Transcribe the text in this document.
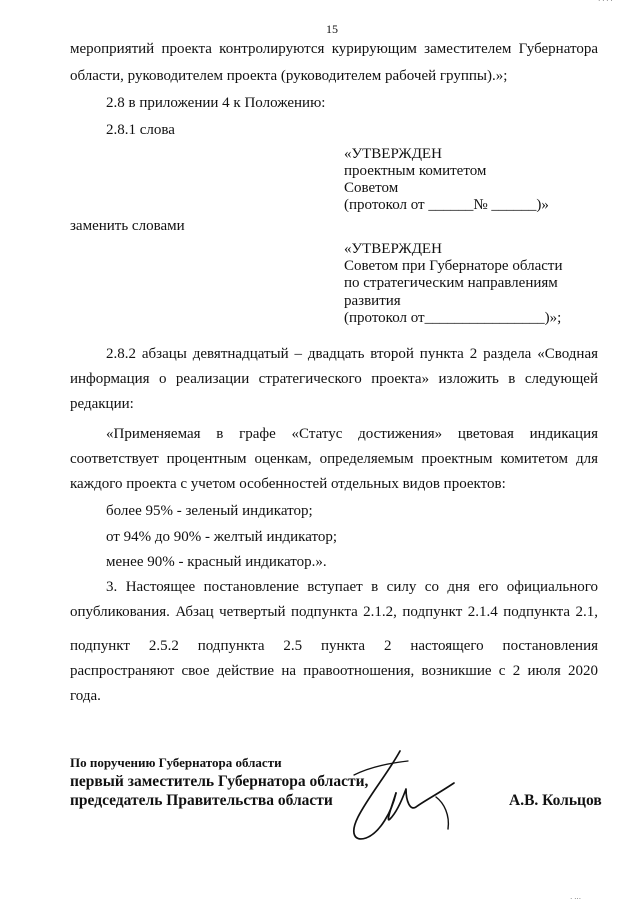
15
· · · ·
мероприятий проекта контролируются курирующим заместителем Губернатора
области, руководителем проекта (руководителем рабочей группы).»;
2.8 в приложении 4 к Положению:
2.8.1 слова
«УТВЕРЖДЕН
проектным комитетом
Советом
(протокол от ______№ ______)»
заменить словами
«УТВЕРЖДЕН
Советом при Губернаторе области
по стратегическим направлениям
развития
(протокол от________________)»;
2.8.2 абзацы девятнадцатый – двадцать второй пункта 2 раздела «Сводная
информация о реализации стратегического проекта» изложить в следующей
редакции:
«Применяемая в графе «Статус достижения» цветовая индикация
соответствует процентным оценкам, определяемым проектным комитетом для
каждого проекта с учетом особенностей отдельных видов проектов:
более 95% - зеленый индикатор;
от 94% до 90% - желтый индикатор;
менее 90% - красный индикатор.».
3. Настоящее постановление вступает в силу со дня его официального
опубликования. Абзац четвертый подпункта 2.1.2, подпункт 2.1.4 подпункта 2.1,
подпункт 2.5.2 подпункта 2.5 пункта 2 настоящего постановления
распространяют свое действие на правоотношения, возникшие с 2 июля 2020
года.
По поручению Губернатора области
первый заместитель Губернатора области,
председатель Правительства области	А.В. Кольцов
· ···
